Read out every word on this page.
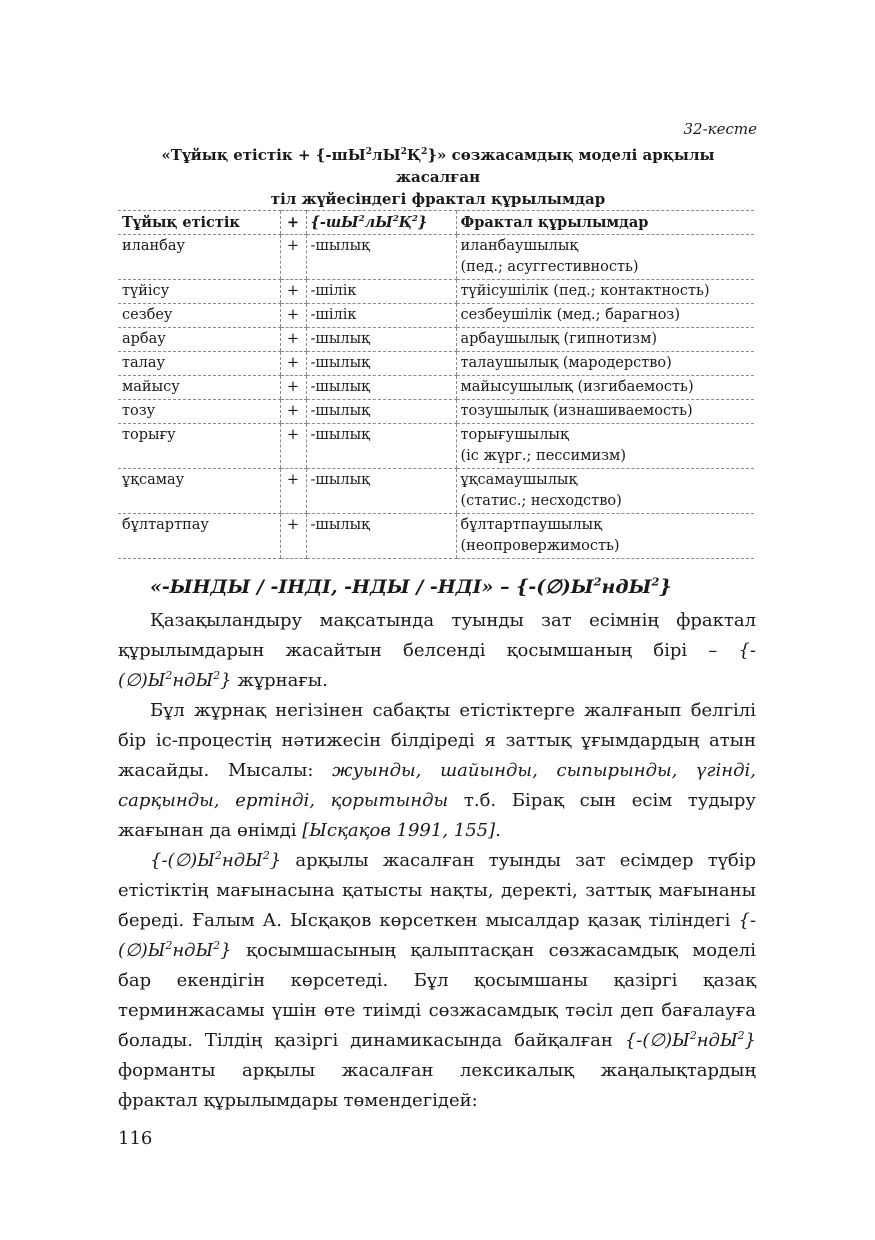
32-кесте
«Тұйық етістік + $\{-шЫ^2лЫ^2Қ^2\}$» сөзжасамдық моделі арқылы жасалған
тіл жүйесіндегі фрактал құрылымдар
Тұйық етістік	+	$\{-шЫ^2лЫ^2Қ^2\}$	Фрактал құрылымдар
иланбау	+	-шылық	иланбаушылық
(пед.; асуггестивность)

түйісу	+	-шілік	түйісушілік (пед.; контактность)

сезбеу	+	-шілік	сезбеушілік (мед.; барагноз)

арбау	+	-шылық	арбаушылық (гипнотизм)

талау	+	-шылық	талаушылық (мародерство)

майысу	+	-шылық	майысушылық (изгибаемость)

тозу	+	-шылық	тозушылық (изнашиваемость)

торығу	+	-шылық	торығушылық
(іс жүрг.; пессимизм)

ұқсамау	+	-шылық	ұқсамаушылық
(статис.; несходство)

бұлтартпау	+	-шылық	бұлтартпаушылық
(неопровержимость)
«-ЫНДЫ / -ІНДІ, -НДЫ / -НДІ» – $\{-(\emptyset)Ы^2ндЫ^2\}$

Қазақыландыру мақсатында туынды зат есімнің фрактал құрылымдарын жасайтын белсенді қосымшаның бірі – $\{-(\emptyset)Ы^2ндЫ^2\}$ жұрнағы.

Бұл жұрнақ негізінен сабақты етістіктерге жалғанып белгілі бір іс-процестің нәтижесін білдіреді я заттық ұғымдардың атын жасайды. Мысалы: жуынды, шайынды, сыпырынды, үгінді, сарқынды, ертінді, қорытынды т.б. Бірақ сын есім тудыру жағынан да өнімді [Ысқақов 1991, 155].

$\{-(\emptyset)Ы^2ндЫ^2\}$ арқылы жасалған туынды зат есімдер түбір етістіктің мағынасына қатысты нақты, деректі, заттық мағынаны береді. Ғалым А. Ысқақов көрсеткен мысалдар қазақ тіліндегі $\{-(\emptyset)Ы^2ндЫ^2\}$ қосымшасының қалыптасқан сөзжасамдық моделі бар екендігін көрсетеді. Бұл қосымшаны қазіргі қазақ терминжасамы үшін өте тиімді сөзжасамдық тәсіл деп бағалауға болады. Тілдің қазіргі динамикасында байқалған $\{-(\emptyset)Ы^2ндЫ^2\}$ форманты арқылы жасалған лексикалық жаңалықтардың фрактал құрылымдары төмендегідей:

116
